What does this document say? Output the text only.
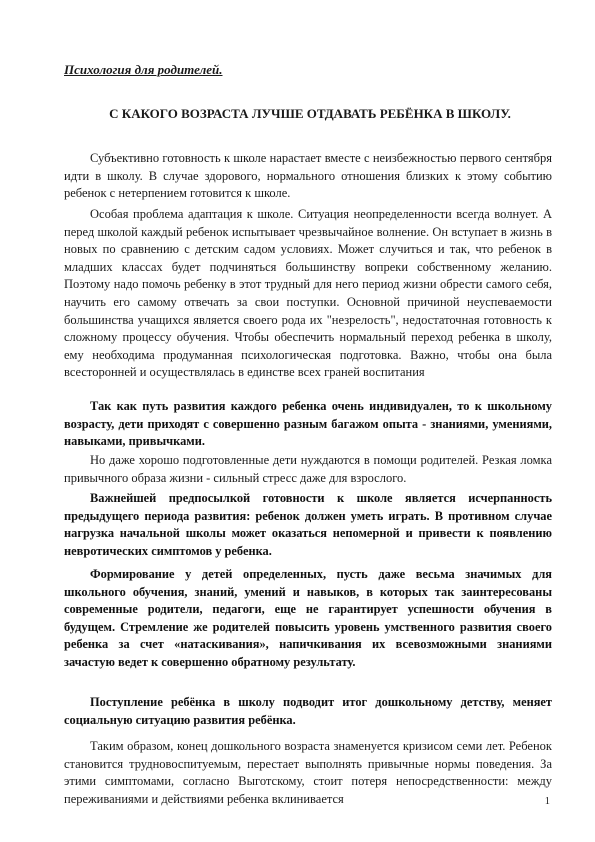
Психология для родителей.
С КАКОГО ВОЗРАСТА ЛУЧШЕ ОТДАВАТЬ РЕБЁНКА В ШКОЛУ.

Субъективно готовность к школе нарастает вместе с неизбежностью первого сентября идти в школу. В случае здорового, нормального отношения близких к этому событию ребенок с нетерпением готовится к школе.

Особая проблема адаптация к школе. Ситуация неопределенности всегда волнует. А перед школой каждый ребенок испытывает чрезвычайное волнение. Он вступает в жизнь в новых по сравнению с детским садом условиях. Может случиться и так, что ребенок в младших классах будет подчиняться большинству вопреки собственному желанию. Поэтому надо помочь ребенку в этот трудный для него период жизни обрести самого себя, научить его самому отвечать за свои поступки. Основной причиной неуспеваемости большинства учащихся является своего рода их "незрелость", недостаточная готовность к сложному процессу обучения. Чтобы обеспечить нормальный переход ребенка в школу, ему необходима продуманная психологическая подготовка. Важно, чтобы она была всесторонней и осуществлялась в единстве всех граней воспитания

Так как путь развития каждого ребенка очень индивидуален, то к школьному возрасту, дети приходят с совершенно разным багажом опыта - знаниями, умениями, навыками, привычками.

Но даже хорошо подготовленные дети нуждаются в помощи родителей. Резкая ломка привычного образа жизни - сильный стресс даже для взрослого.

Важнейшей предпосылкой готовности к школе является исчерпанность предыдущего периода развития: ребенок должен уметь играть. В противном случае нагрузка начальной школы может оказаться непомерной и привести к появлению невротических симптомов у ребенка.

Формирование у детей определенных, пусть даже весьма значимых для школьного обучения, знаний, умений и навыков, в которых так заинтересованы современные родители, педагоги, еще не гарантирует успешности обучения в будущем. Стремление же родителей повысить уровень умственного развития своего ребенка за счет «натаскивания», напичкивания их всевозможными знаниями зачастую ведет к совершенно обратному результату.

Поступление ребёнка в школу подводит итог дошкольному детству, меняет социальную ситуацию развития ребёнка.

Таким образом, конец дошкольного возраста знаменуется кризисом семи лет. Ребенок становится трудновоспитуемым, перестает выполнять привычные нормы поведения. За этими симптомами, согласно Выготскому, стоит потеря непосредственности: между переживаниями и действиями ребенка вклинивается	1
